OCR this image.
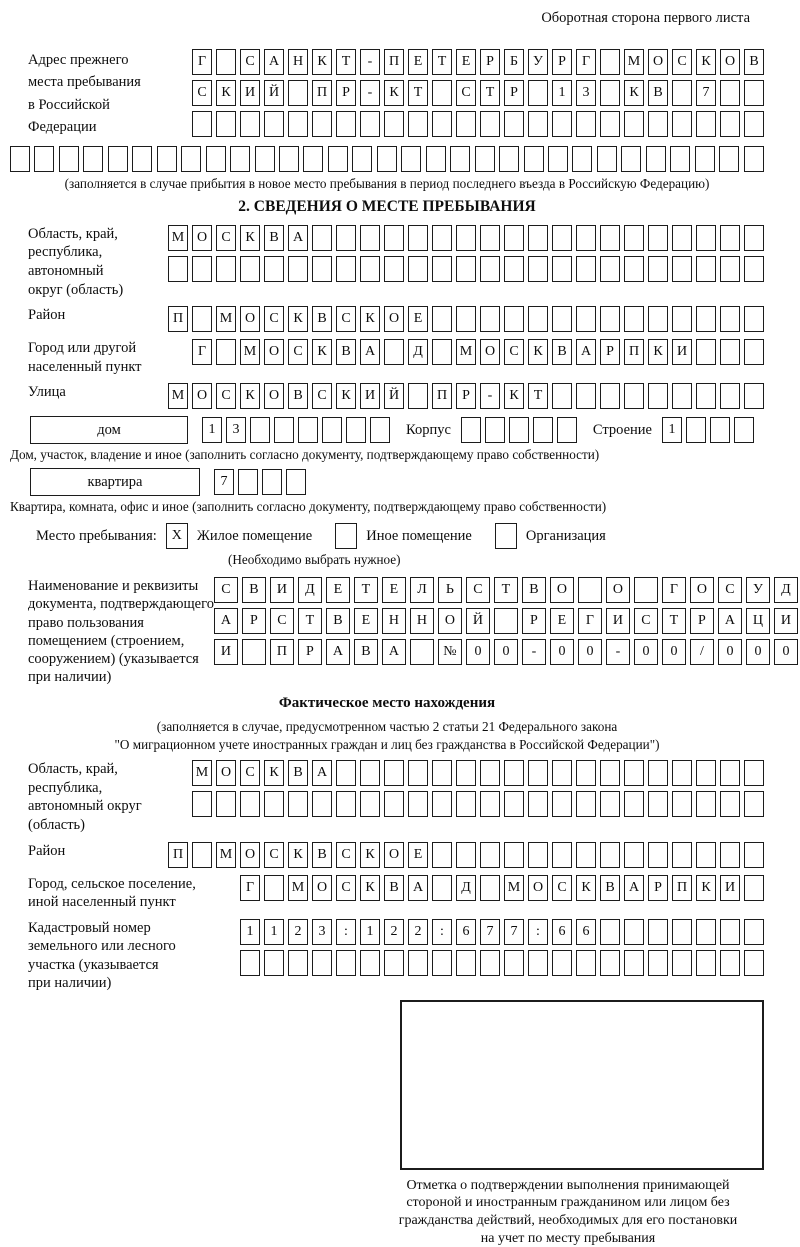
Оборотная сторона первого листа
Адрес прежнего
места пребывания
в Российской
Федерации
Г	С	А Н	К	Т	-	П	Е	Т	Е	Р	Б	У	Р	Г	М О	С	К	О	В
С	К	И Й	П	Р	-	К	Т	С	Т	Р	1	3	К	В	7
(заполняется в случае прибытия в новое место пребывания в период последнего въезда в Российскую Федерацию)
2. СВЕДЕНИЯ О МЕСТЕ ПРЕБЫВАНИЯ
Область, край,
республика,
автономный
округ (область)
М О	С	К	В	А
Район	П	М О	С	К	В	С	К	О	Е
Город или другой
населенный пункт
Г	М О	С	К	В	А	Д	М О	С	К	В	А	Р	П	К	И
Улица	М О	С	К	О	В	С	К	И Й	П	Р	-	К	Т
дом	1	3	Корпус	Строение	1
Дом, участок, владение и иное (заполнить согласно документу, подтверждающему право собственности)
квартира	7
Квартира, комната, офис и иное (заполнить согласно документу, подтверждающему право собственности)
Место пребывания:	X	Жилое помещение	Иное помещение	Организация
(Необходимо выбрать нужное)
Наименование и реквизиты
документа, подтверждающего
право пользования
помещением (строением,
сооружением) (указывается
при наличии)
С	В	И	Д	Е	Т	Е	Л	Ь	С	Т	В	О	О	Г	О	С	У	Д
А	Р	С	Т	В	Е	Н	Н	О	Й	Р	Е	Г	И	С	Т	Р	А	Ц	И
И	П	Р	А	В	А	№	0	0	-	0	0	-	0	0	/	0	0	0
Фактическое место нахождения
(заполняется в случае, предусмотренном частью 2 статьи 21 Федерального закона
"О миграционном учете иностранных граждан и лиц без гражданства в Российской Федерации")
Область, край,
республика,
автономный округ
(область)
М О	С	К	В	А
Район	П	М О	С	К	В	С	К	О	Е
Город, сельское поселение,
иной населенный пункт
Г	М О	С	К	В	А	Д	М О	С	К	В	А	Р	П	К	И
Кадастровый номер
земельного или лесного
участка (указывается
при наличии)
1	1	2	3	:	1	2	2	:	6	7	7	:	6	6
Отметка о подтверждении выполнения принимающей
стороной и иностранным гражданином или лицом без
гражданства действий, необходимых для его постановки
на учет по месту пребывания
